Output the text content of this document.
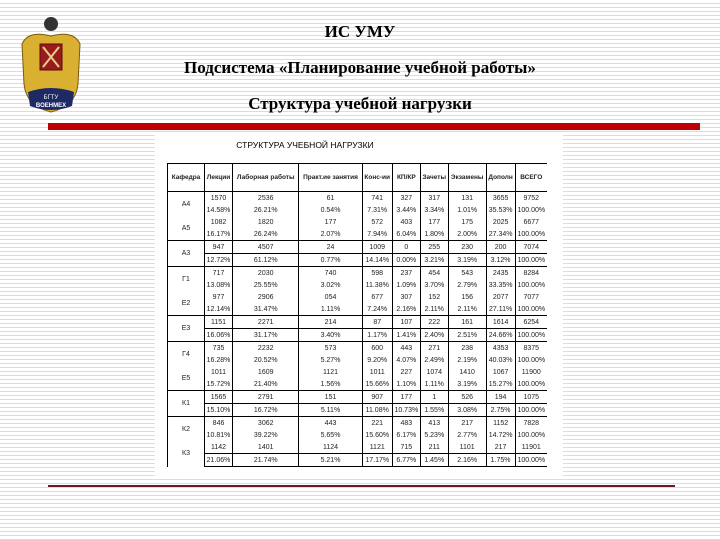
БГТУ
ВОЕНМЕХ
ИС УМУ
Подсистема «Планирование учебной работы»
Структура учебной нагрузки
СТРУКТУРА УЧЕБНОЙ НАГРУЗКИ
Кафедра	Лекции	Лаборная работы	Практ.ие занятия	Конс-ии	КП/КР	Зачеты	Экзамены	Дополн	ВСЕГО
А4	1570	2536	61	741	327	317	131	3655	9752
	14.58%	26.21%	0.54%	7.31%	3.44%	3.34%	1.01%	35.53%	100.00%
А5	1082	1820	177	572	403	177	175	2025	6677
	16.17%	26.24%	2.07%	7.94%	6.04%	1.80%	2.00%	27.34%	100.00%
А3	947	4507	24	1009	0	255	230	200	7074
	12.72%	61.12%	0.77%	14.14%	0.00%	3.21%	3.19%	3.12%	100.00%
Г1	717	2030	740	598	237	454	543	2435	8284
	13.08%	25.55%	3.02%	11.38%	1.09%	3.70%	2.79%	33.35%	100.00%
Е2	977	2906	054	677	307	152	156	2077	7077
	12.14%	31.47%	1.11%	7.24%	2.16%	2.11%	2.11%	27.11%	100.00%
Е3	1151	2271	214	87	107	222	161	1614	6254
	16.06%	31.17%	3.40%	1.17%	1.41%	2.40%	2.51%	24.66%	100.00%
Г4	735	2232	573	600	443	271	238	4353	8375
	16.28%	20.52%	5.27%	9.20%	4.07%	2.49%	2.19%	40.03%	100.00%
Е5	1011	1609	1121	1011	227	1074	1410	1067	11900
	15.72%	21.40%	1.56%	15.66%	1.10%	1.11%	3.19%	15.27%	100.00%
К1	1565	2791	151	907	177	1	526	194	1075
	15.10%	16.72%	5.11%	11.08%	10.73%	1.55%	3.08%	2.75%	100.00%
К2	846	3062	443	221	483	413	217	1152	7828
	10.81%	39.22%	5.65%	15.60%	6.17%	5.23%	2.77%	14.72%	100.00%
К3	1142	1401	1124	1121	715	211	1101	217	11901
	21.06%	21.74%	5.21%	17.17%	6.77%	1.45%	2.16%	1.75%	100.00%
